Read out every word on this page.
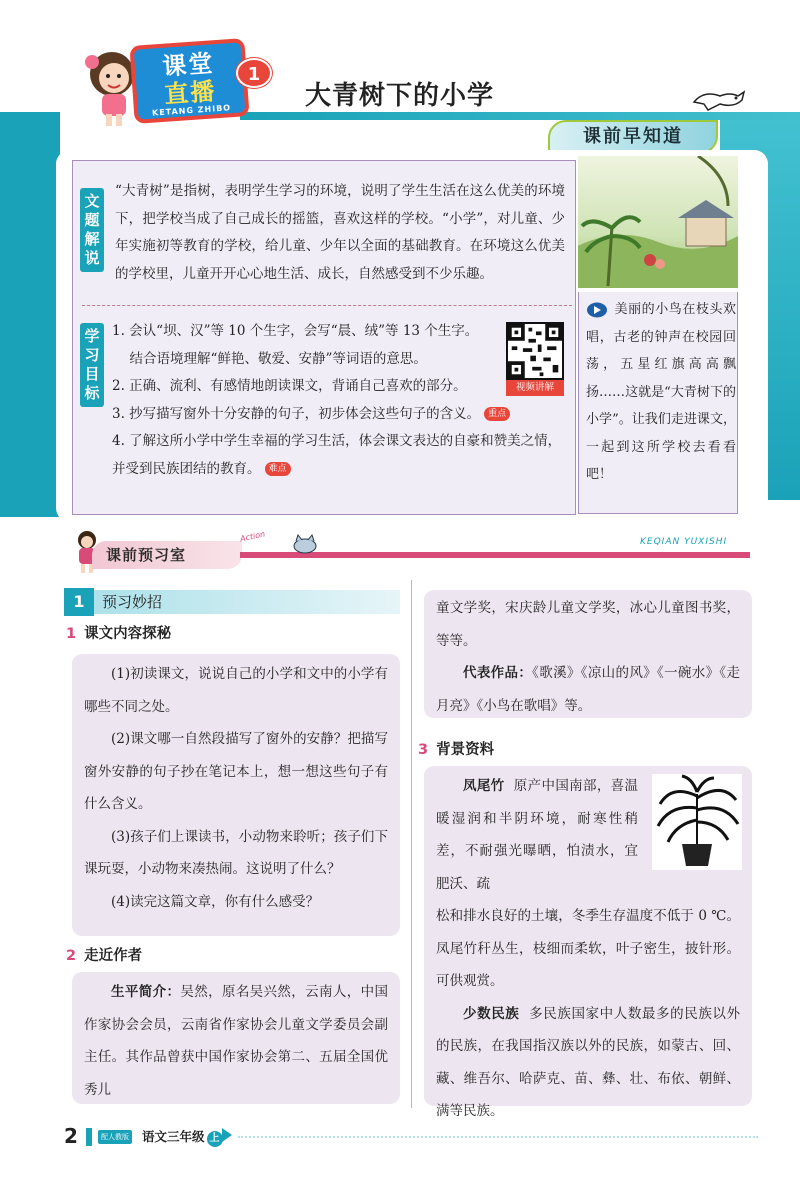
课堂
直播
KETANG ZHIBO
1
大青树下的小学
课前早知道
文题解说
“大青树”是指树，表明学生学习的环境，说明了学生生活在这么优美的环境下，把学校当成了自己成长的摇篮，喜欢这样的学校。“小学”，对儿童、少年实施初等教育的学校，给儿童、少年以全面的基础教育。在环境这么优美的学校里，儿童开开心心地生活、成长，自然感受到不少乐趣。
学习目标
1. 会认“坝、汉”等 10 个生字，会写“晨、绒”等 13 个生字。
结合语境理解“鲜艳、敬爱、安静”等词语的意思。
2. 正确、流利、有感情地朗读课文，背诵自己喜欢的部分。
3. 抄写描写窗外十分安静的句子，初步体会这些句子的含义。 重点
4. 了解这所小学中学生幸福的学习生活，体会课文表达的自豪和赞美之情，并受到民族团结的教育。 难点
视频讲解
美丽的小鸟在枝头欢唱，古老的钟声在校园回荡，五星红旗高高飘扬……这就是“大青树下的小学”。让我们走进课文，一起到这所学校去看看吧！
课前预习室
Action	KEQIAN YUXISHI
1	预习妙招
1 课文内容探秘

(1)初读课文，说说自己的小学和文中的小学有哪些不同之处。

(2)课文哪一自然段描写了窗外的安静？把描写窗外安静的句子抄在笔记本上，想一想这些句子有什么含义。

(3)孩子们上课读书，小动物来聆听；孩子们下课玩耍，小动物来凑热闹。这说明了什么？

(4)读完这篇文章，你有什么感受？

2 走近作者

生平简介：吴然，原名吴兴然，云南人，中国作家协会会员，云南省作家协会儿童文学委员会副主任。其作品曾获中国作家协会第二、五届全国优秀儿

童文学奖，宋庆龄儿童文学奖，冰心儿童图书奖，等等。

代表作品：《歌溪》《凉山的风》《一碗水》《走月亮》《小鸟在歌唱》等。

3 背景资料

凤尾竹 原产中国南部，喜温暖湿润和半阴环境，耐寒性稍差，不耐强光曝晒，怕渍水，宜肥沃、疏

松和排水良好的土壤，冬季生存温度不低于 0 ℃。凤尾竹秆丛生，枝细而柔软，叶子密生，披针形。可供观赏。

少数民族 多民族国家中人数最多的民族以外的民族，在我国指汉族以外的民族，如蒙古、回、藏、维吾尔、哈萨克、苗、彝、壮、布依、朝鲜、满等民族。

2	配人教版 语文三年级 上
